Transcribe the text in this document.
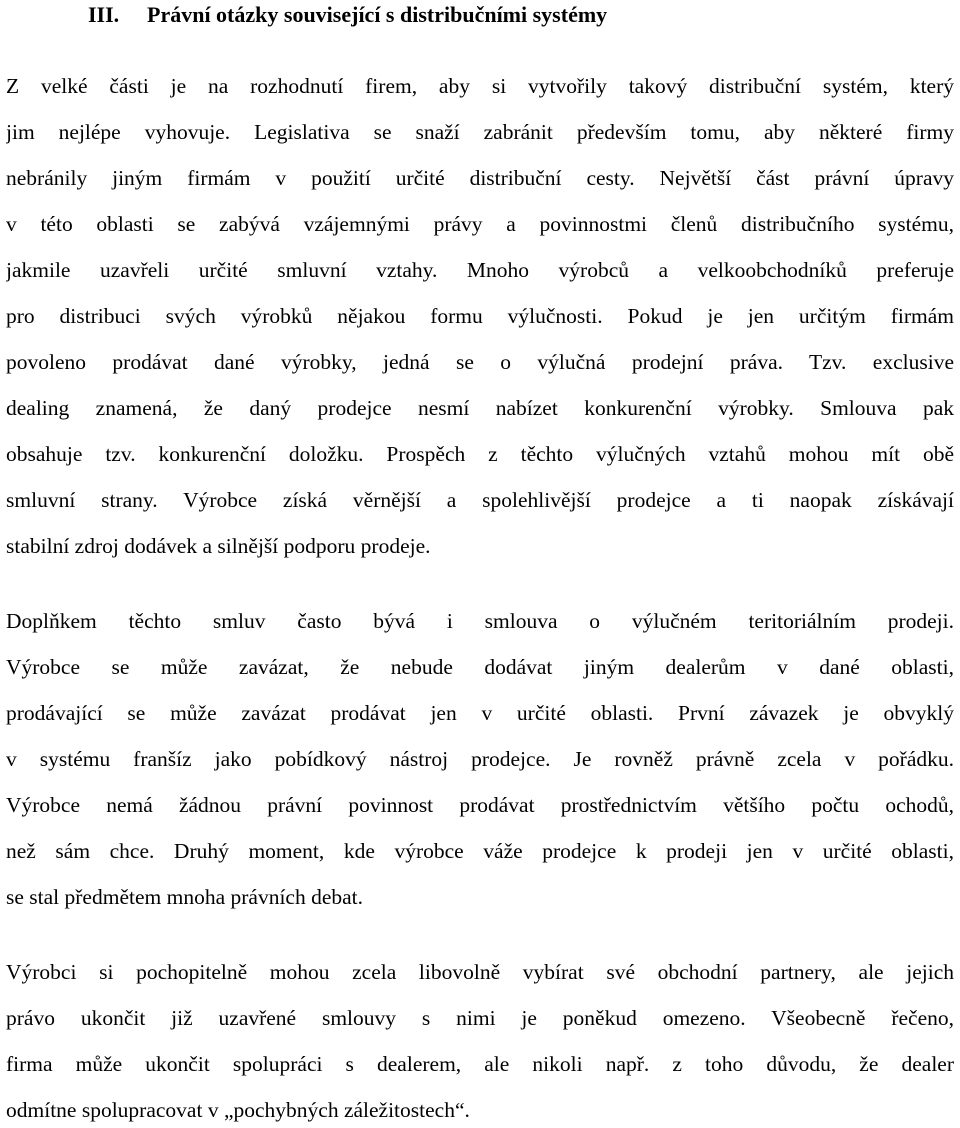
III. Právní otázky související s distribučními systémy
Z velké části je na rozhodnutí firem, aby si vytvořily takový distribuční systém, který
jim nejlépe vyhovuje. Legislativa se snaží zabránit především tomu, aby některé firmy
nebránily jiným firmám v použití určité distribuční cesty. Největší část právní úpravy
v této oblasti se zabývá vzájemnými právy a povinnostmi členů distribučního systému,
jakmile uzavřeli určité smluvní vztahy. Mnoho výrobců a velkoobchodníků preferuje
pro distribuci svých výrobků nějakou formu výlučnosti. Pokud je jen určitým firmám
povoleno prodávat dané výrobky, jedná se o výlučná prodejní práva. Tzv. exclusive
dealing znamená, že daný prodejce nesmí nabízet konkurenční výrobky. Smlouva pak
obsahuje tzv. konkurenční doložku. Prospěch z těchto výlučných vztahů mohou mít obě
smluvní strany. Výrobce získá věrnější a spolehlivější prodejce a ti naopak získávají
stabilní zdroj dodávek a silnější podporu prodeje.
Doplňkem těchto smluv často bývá i smlouva o výlučném teritoriálním prodeji.
Výrobce se může zavázat, že nebude dodávat jiným dealerům v dané oblasti,
prodávající se může zavázat prodávat jen v určité oblasti. První závazek je obvyklý
v systému franšíz jako pobídkový nástroj prodejce. Je rovněž právně zcela v pořádku.
Výrobce nemá žádnou právní povinnost prodávat prostřednictvím většího počtu ochodů,
než sám chce. Druhý moment, kde výrobce váže prodejce k prodeji jen v určité oblasti,
se stal předmětem mnoha právních debat.
Výrobci si pochopitelně mohou zcela libovolně vybírat své obchodní partnery, ale jejich
právo ukončit již uzavřené smlouvy s nimi je poněkud omezeno. Všeobecně řečeno,
firma může ukončit spolupráci s dealerem, ale nikoli např. z toho důvodu, že dealer
odmítne spolupracovat v „pochybných záležitostech“.
